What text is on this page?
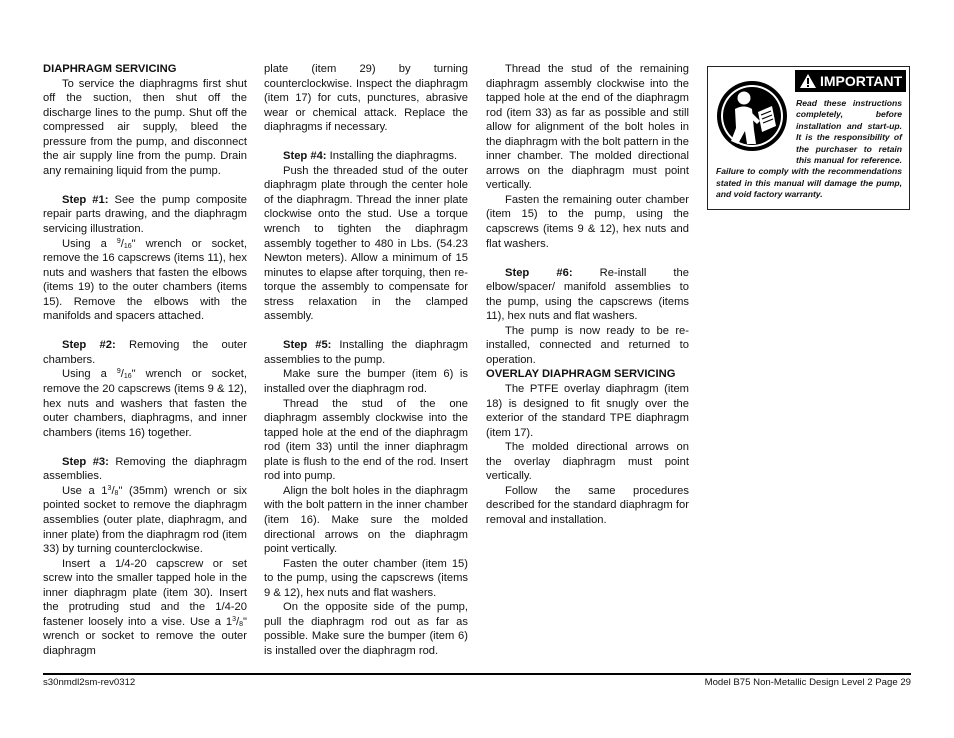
DIAPHRAGM SERVICING

To service the diaphragms first shut off the suction, then shut off the discharge lines to the pump. Shut off the compressed air supply, bleed the pressure from the pump, and disconnect the air supply line from the pump. Drain any remaining liquid from the pump.

Step #1: See the pump composite repair parts drawing, and the diaphragm servicing illustration.

Using a $^9/_{16}$" wrench or socket, remove the 16 capscrews (items 11), hex nuts and washers that fasten the elbows (items 19) to the outer chambers (items 15). Remove the elbows with the manifolds and spacers attached.

Step #2: Removing the outer chambers.

Using a $^9/_{16}$" wrench or socket, remove the 20 capscrews (items 9 & 12), hex nuts and washers that fasten the outer chambers, diaphragms, and inner chambers (items 16) together.

Step #3: Removing the diaphragm assemblies.

Use a $1^3/_8$" (35mm) wrench or six pointed socket to remove the diaphragm assemblies (outer plate, diaphragm, and inner plate) from the diaphragm rod (item 33) by turning counterclockwise.

Insert a 1/4-20 capscrew or set screw into the smaller tapped hole in the inner diaphragm plate (item 30). Insert the protruding stud and the 1/4-20 fastener loosely into a vise. Use a $1^3/_8$" wrench or socket to remove the outer diaphragm

plate (item 29) by turning counterclockwise. Inspect the diaphragm (item 17) for cuts, punctures, abrasive wear or chemical attack. Replace the diaphragms if necessary.

Step #4: Installing the diaphragms.

Push the threaded stud of the outer diaphragm plate through the center hole of the diaphragm. Thread the inner plate clockwise onto the stud. Use a torque wrench to tighten the diaphragm assembly together to 480 in Lbs. (54.23 Newton meters). Allow a minimum of 15 minutes to elapse after torquing, then re-torque the assembly to compensate for stress relaxation in the clamped assembly.

Step #5: Installing the diaphragm assemblies to the pump.

Make sure the bumper (item 6) is installed over the diaphragm rod.

Thread the stud of the one diaphragm assembly clockwise into the tapped hole at the end of the diaphragm rod (item 33) until the inner diaphragm plate is flush to the end of the rod. Insert rod into pump.

Align the bolt holes in the diaphragm with the bolt pattern in the inner chamber (item 16). Make sure the molded directional arrows on the diaphragm point vertically.

Fasten the outer chamber (item 15) to the pump, using the capscrews (items 9 & 12), hex nuts and flat washers.

On the opposite side of the pump, pull the diaphragm rod out as far as possible. Make sure the bumper (item 6) is installed over the diaphragm rod.

Thread the stud of the remaining diaphragm assembly clockwise into the tapped hole at the end of the diaphragm rod (item 33) as far as possible and still allow for alignment of the bolt holes in the diaphragm with the bolt pattern in the inner chamber. The molded directional arrows on the diaphragm must point vertically.

Fasten the remaining outer chamber (item 15) to the pump, using the capscrews (items 9 & 12), hex nuts and flat washers.

Step #6: Re-install the elbow/spacer/ manifold assemblies to the pump, using the capscrews (items 11), hex nuts and flat washers.

The pump is now ready to be re-installed, connected and returned to operation.

OVERLAY DIAPHRAGM SERVICING

The PTFE overlay diaphragm (item 18) is designed to fit snugly over the exterior of the standard TPE diaphragm (item 17).

The molded directional arrows on the overlay diaphragm must point vertically.

Follow the same procedures described for the standard diaphragm for removal and installation.

IMPORTANT
Read these instructions completely, before installation and start-up. It is the responsibility of the purchaser to retain this manual for reference. Failure to comply with the recommendations stated in this manual will damage the pump, and void factory warranty.
s30nmdl2sm-rev0312	Model B75 Non-Metallic Design Level 2 Page 29
